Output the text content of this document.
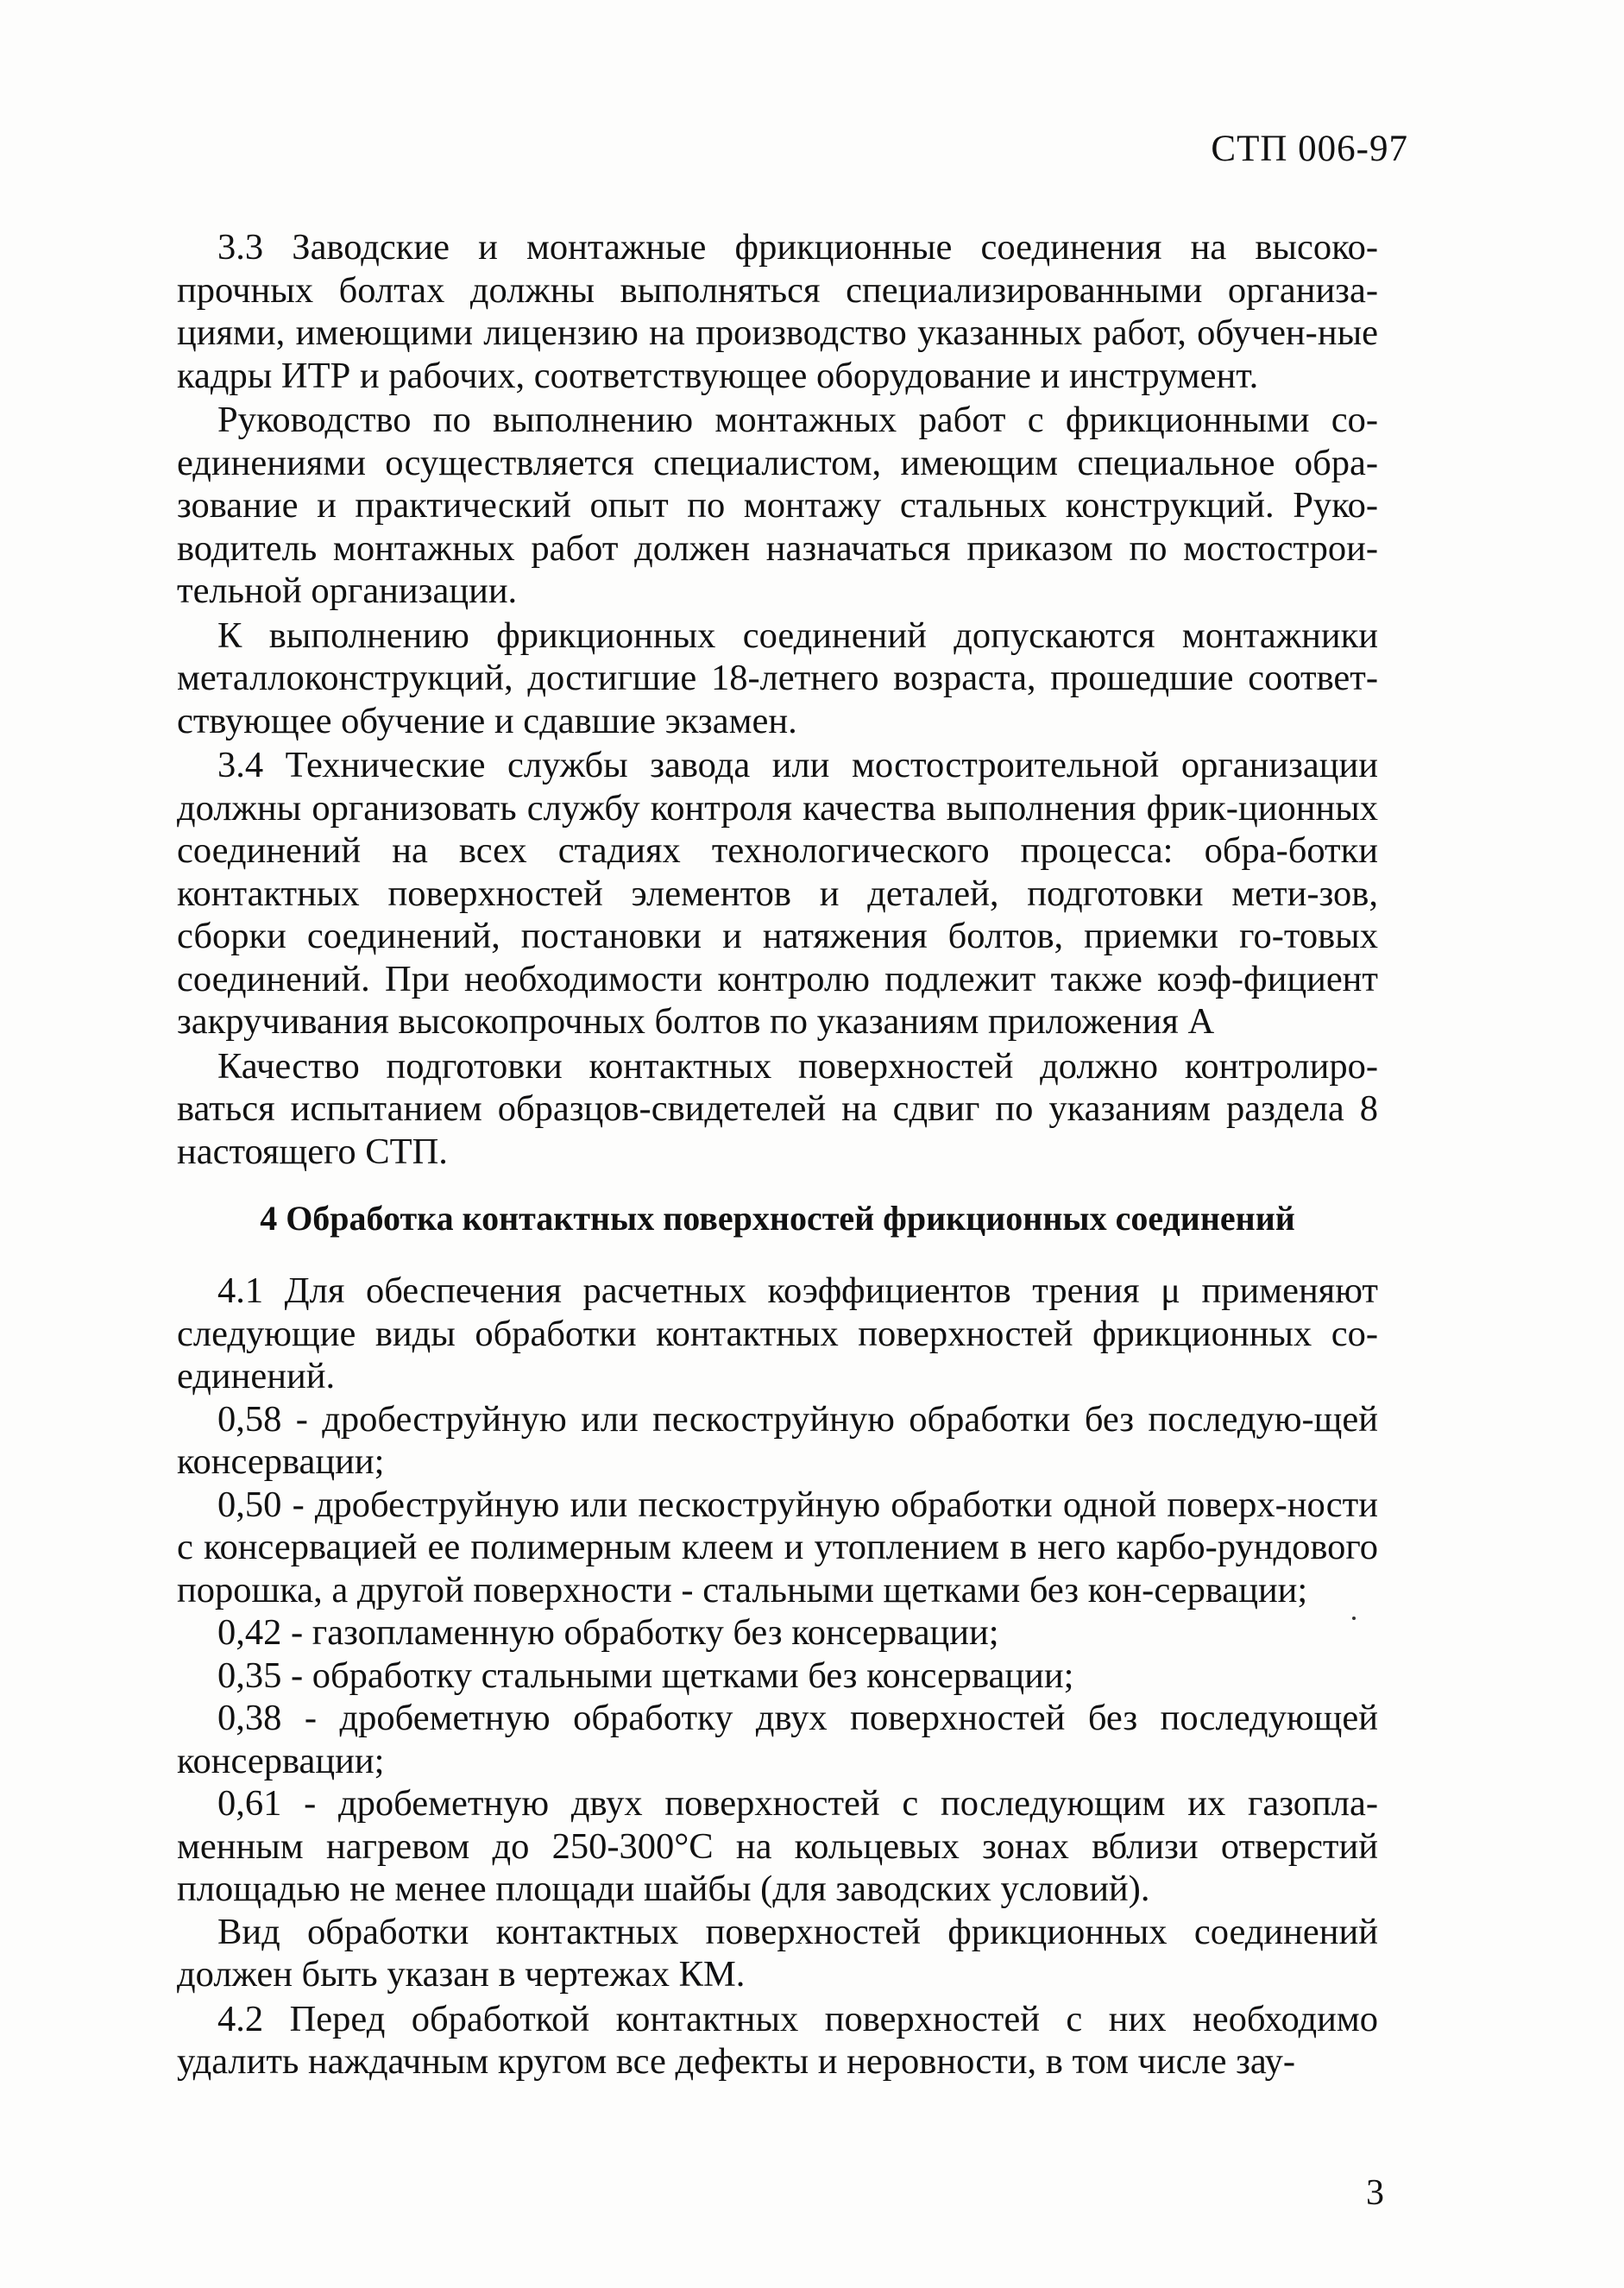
СТП 006-97

3.3 Заводские и монтажные фрикционные соединения на высоко-прочных болтах должны выполняться специализированными организа-циями, имеющими лицензию на производство указанных работ, обучен-ные кадры ИТР и рабочих, соответствующее оборудование и инструмент.

Руководство по выполнению монтажных работ с фрикционными со-единениями осуществляется специалистом, имеющим специальное обра-зование и практический опыт по монтажу стальных конструкций. Руко-водитель монтажных работ должен назначаться приказом по мостострои-тельной организации.

К выполнению фрикционных соединений допускаются монтажники металлоконструкций, достигшие 18-летнего возраста, прошедшие соответ-ствующее обучение и сдавшие экзамен.

3.4 Технические службы завода или мостостроительной организации должны организовать службу контроля качества выполнения фрик-ционных соединений на всех стадиях технологического процесса: обра-ботки контактных поверхностей элементов и деталей, подготовки мети-зов, сборки соединений, постановки и натяжения болтов, приемки го-товых соединений. При необходимости контролю подлежит также коэф-фициент закручивания высокопрочных болтов по указаниям приложения А

Качество подготовки контактных поверхностей должно контролиро-ваться испытанием образцов-свидетелей на сдвиг по указаниям раздела 8 настоящего СТП.

4 Обработка контактных поверхностей фрикционных соединений

4.1 Для обеспечения расчетных коэффициентов трения μ применяют следующие виды обработки контактных поверхностей фрикционных со-единений.

0,58 - дробеструйную или пескоструйную обработки без последую-щей консервации;

0,50 - дробеструйную или пескоструйную обработки одной поверх-ности с консервацией ее полимерным клеем и утоплением в него карбо-рундового порошка, а другой поверхности - стальными щетками без кон-сервации;

0,42 - газопламенную обработку без консервации;

0,35 - обработку стальными щетками без консервации;

0,38 - дробеметную обработку двух поверхностей без последующей консервации;

0,61 - дробеметную двух поверхностей с последующим их газопла-менным нагревом до 250-300°С на кольцевых зонах вблизи отверстий площадью не менее площади шайбы (для заводских условий).

Вид обработки контактных поверхностей фрикционных соединений должен быть указан в чертежах КМ.

4.2 Перед обработкой контактных поверхностей с них необходимо удалить наждачным кругом все дефекты и неровности, в том числе зау-

3
